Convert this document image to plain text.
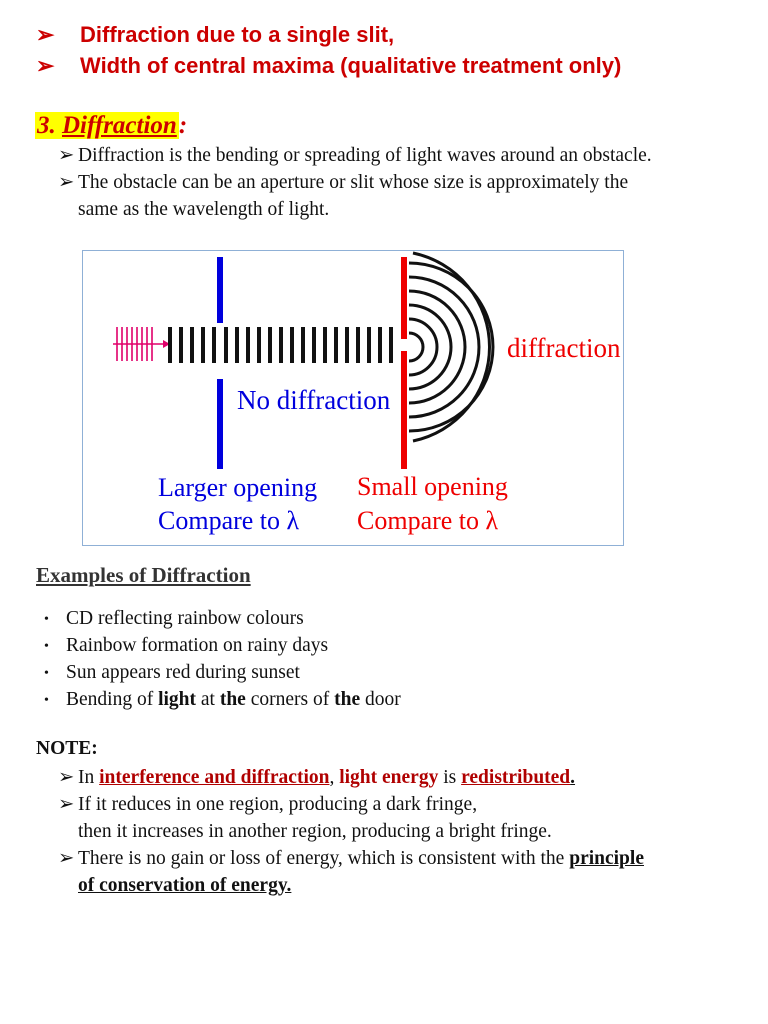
➢ Diffraction due to a single slit,
➢ Width of central maxima (qualitative treatment only)
3. Diffraction:
➢ Diffraction is the bending or spreading of light waves around an obstacle.
➢ The obstacle can be an aperture or slit whose size is approximately the
same as the wavelength of light.
diffraction
No diffraction
Larger opening
Compare to λ
Small opening
Compare to λ
Examples of Diffraction
• CD reflecting rainbow colours
• Rainbow formation on rainy days
• Sun appears red during sunset
• Bending of light at the corners of the door
NOTE:
➢ In interference and diffraction, light energy is redistributed.
➢ If it reduces in one region, producing a dark fringe,
then it increases in another region, producing a bright fringe.
➢ There is no gain or loss of energy, which is consistent with the principle
of conservation of energy.
